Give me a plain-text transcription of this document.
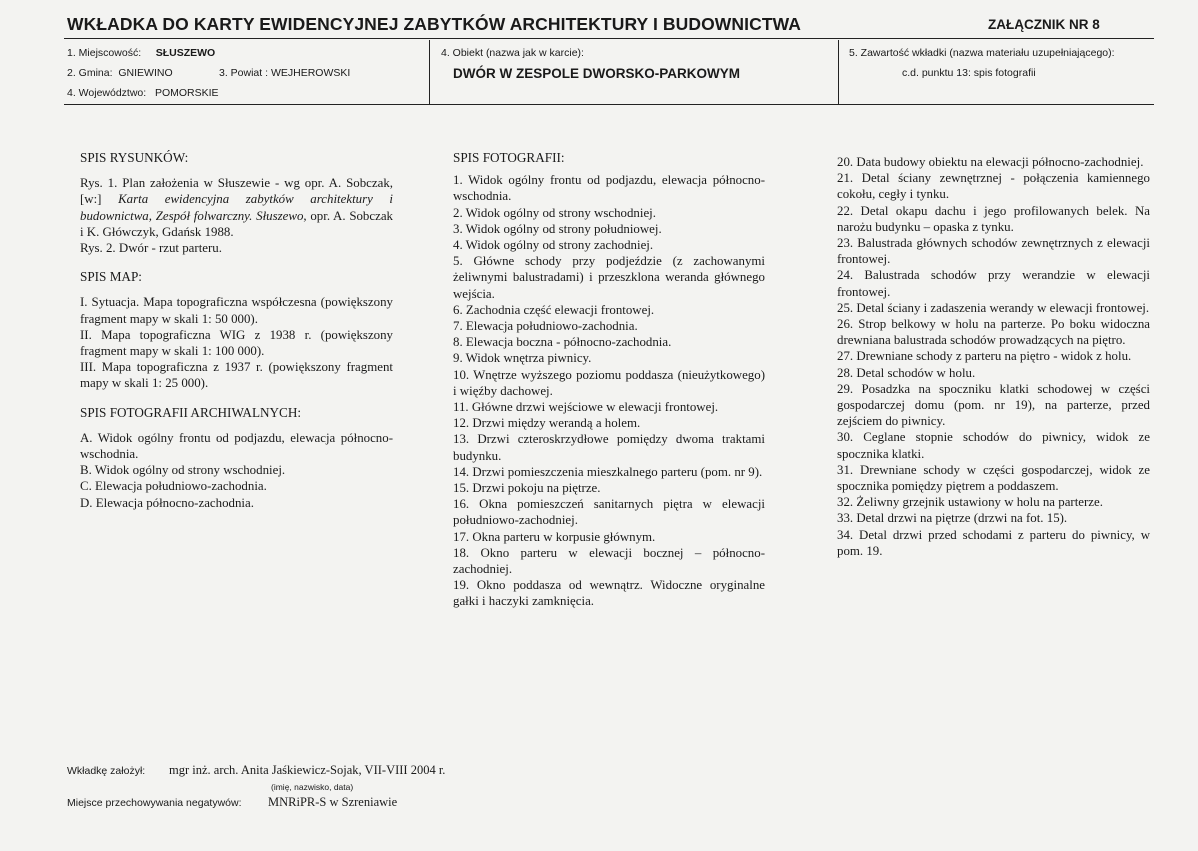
WKŁADKA DO KARTY EWIDENCYJNEJ ZABYTKÓW ARCHITEKTURY I BUDOWNICTWA	ZAŁĄCZNIK NR 8
1. Miejscowość: SŁUSZEWO
2. Gmina: GNIEWINO	3. Powiat : WEJHEROWSKI
4. Województwo: POMORSKIE
4. Obiekt (nazwa jak w karcie):
DWÓR W ZESPOLE DWORSKO-PARKOWYM
5. Zawartość wkładki (nazwa materiału uzupełniającego):
c.d. punktu 13: spis fotografii
SPIS RYSUNKÓW:

Rys. 1. Plan założenia w Słuszewie - wg opr. A. Sobczak, [w:] Karta ewidencyjna zabytków architektury i budownictwa, Zespół folwarczny. Słuszewo, opr. A. Sobczak i K. Główczyk, Gdańsk 1988.

Rys. 2. Dwór - rzut parteru.

SPIS MAP:

I. Sytuacja. Mapa topograficzna współczesna (powiększony fragment mapy w skali 1: 50 000).

II. Mapa topograficzna WIG z 1938 r. (powiększony fragment mapy w skali 1: 100 000).

III. Mapa topograficzna z 1937 r. (powiększony fragment mapy w skali 1: 25 000).

SPIS FOTOGRAFII ARCHIWALNYCH:

A. Widok ogólny frontu od podjazdu, elewacja północno-wschodnia.

B. Widok ogólny od strony wschodniej.

C. Elewacja południowo-zachodnia.

D. Elewacja północno-zachodnia.

SPIS FOTOGRAFII:

1. Widok ogólny frontu od podjazdu, elewacja północno-wschodnia.

2. Widok ogólny od strony wschodniej.

3. Widok ogólny od strony południowej.

4. Widok ogólny od strony zachodniej.

5. Główne schody przy podjeździe (z zachowanymi żeliwnymi balustradami) i przeszklona weranda głównego wejścia.

6. Zachodnia część elewacji frontowej.

7. Elewacja południowo-zachodnia.

8. Elewacja boczna - północno-zachodnia.

9. Widok wnętrza piwnicy.

10. Wnętrze wyższego poziomu poddasza (nieużytkowego) i więźby dachowej.

11. Główne drzwi wejściowe w elewacji frontowej.

12. Drzwi między werandą a holem.

13. Drzwi czteroskrzydłowe pomiędzy dwoma traktami budynku.

14. Drzwi pomieszczenia mieszkalnego parteru (pom. nr 9).

15. Drzwi pokoju na piętrze.

16. Okna pomieszczeń sanitarnych piętra w elewacji południowo-zachodniej.

17. Okna parteru w korpusie głównym.

18. Okno parteru w elewacji bocznej – północno-zachodniej.

19. Okno poddasza od wewnątrz. Widoczne oryginalne gałki i haczyki zamknięcia.

20. Data budowy obiektu na elewacji północno-zachodniej.

21. Detal ściany zewnętrznej - połączenia kamiennego cokołu, cegły i tynku.

22. Detal okapu dachu i jego profilowanych belek. Na narożu budynku – opaska z tynku.

23. Balustrada głównych schodów zewnętrznych z elewacji frontowej.

24. Balustrada schodów przy werandzie w elewacji frontowej.

25. Detal ściany i zadaszenia werandy w elewacji frontowej.

26. Strop belkowy w holu na parterze. Po boku widoczna drewniana balustrada schodów prowadzących na piętro.

27. Drewniane schody z parteru na piętro - widok z holu.

28. Detal schodów w holu.

29. Posadzka na spoczniku klatki schodowej w części gospodarczej domu (pom. nr 19), na parterze, przed zejściem do piwnicy.

30. Ceglane stopnie schodów do piwnicy, widok ze spocznika klatki.

31. Drewniane schody w części gospodarczej, widok ze spocznika pomiędzy piętrem a poddaszem.

32. Żeliwny grzejnik ustawiony w holu na parterze.

33. Detal drzwi na piętrze (drzwi na fot. 15).

34. Detal drzwi przed schodami z parteru do piwnicy, w pom. 19.

Wkładkę założył: mgr inż. arch. Anita Jaśkiewicz-Sojak, VII-VIII 2004 r.
(imię, nazwisko, data)
Miejsce przechowywania negatywów: MNRiPR-S w Szreniawie
